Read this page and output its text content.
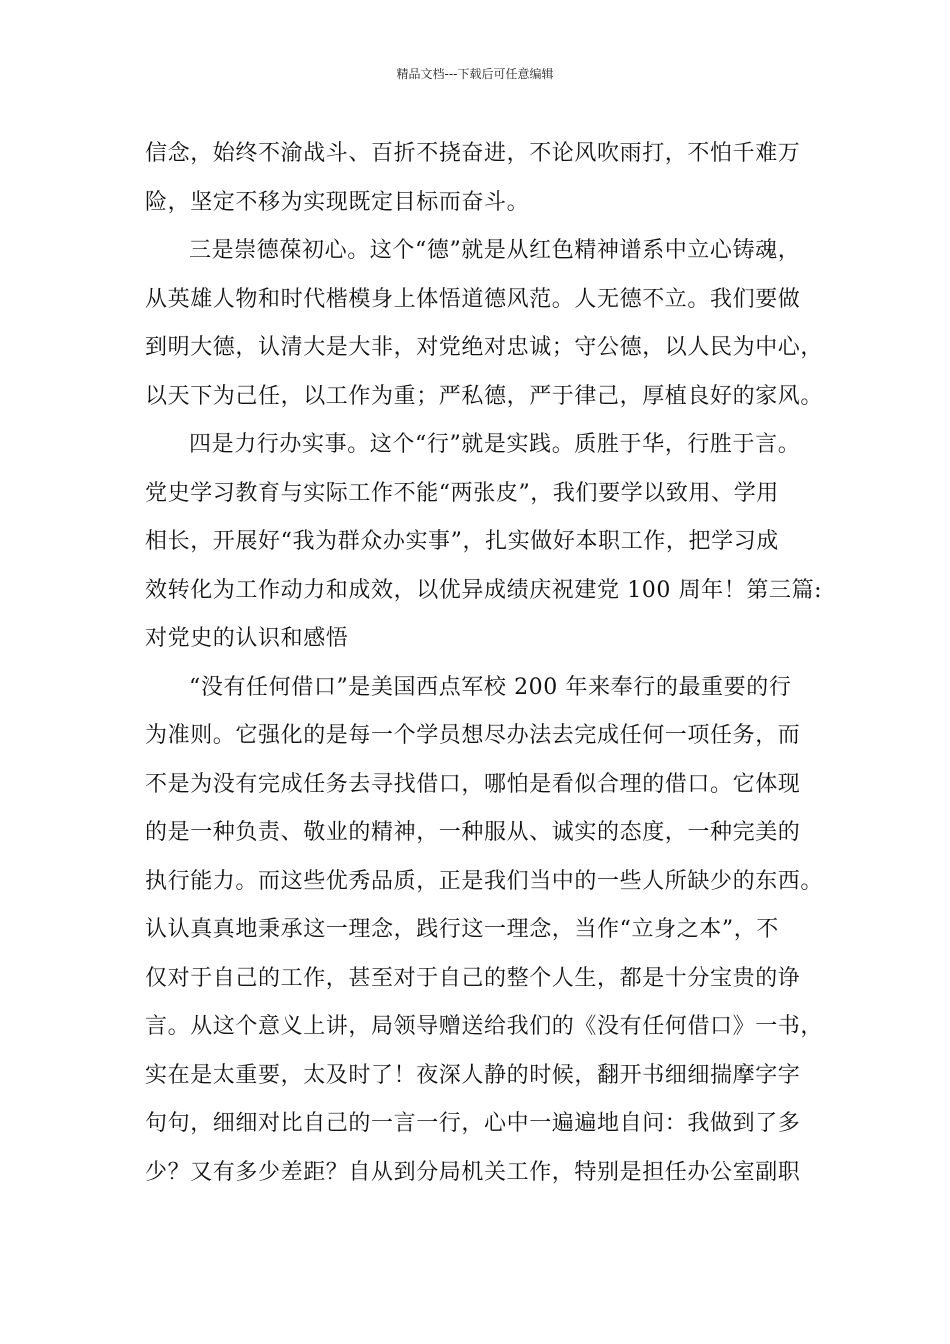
精品文档---下载后可任意编辑
信念，始终不渝战斗、百折不挠奋进，不论风吹雨打，不怕千难万
险，坚定不移为实现既定目标而奋斗。
三是崇德葆初心。这个“德”就是从红色精神谱系中立心铸魂，
从英雄人物和时代楷模身上体悟道德风范。人无德不立。我们要做
到明大德，认清大是大非，对党绝对忠诚；守公德，以人民为中心，
以天下为己任，以工作为重；严私德，严于律己，厚植良好的家风。
四是力行办实事。这个“行”就是实践。质胜于华，行胜于言。
党史学习教育与实际工作不能“两张皮”，我们要学以致用、学用
相长，开展好“我为群众办实事”，扎实做好本职工作，把学习成
效转化为工作动力和成效，以优异成绩庆祝建党 100 周年！第三篇:
对党史的认识和感悟
“没有任何借口”是美国西点军校 200 年来奉行的最重要的行
为准则。它强化的是每一个学员想尽办法去完成任何一项任务，而
不是为没有完成任务去寻找借口，哪怕是看似合理的借口。它体现
的是一种负责、敬业的精神，一种服从、诚实的态度，一种完美的
执行能力。而这些优秀品质，正是我们当中的一些人所缺少的东西。
认认真真地秉承这一理念，践行这一理念，当作“立身之本”，不
仅对于自己的工作，甚至对于自己的整个人生，都是十分宝贵的诤
言。从这个意义上讲，局领导赠送给我们的《没有任何借口》一书，
实在是太重要，太及时了！夜深人静的时候，翻开书细细揣摩字字
句句，细细对比自己的一言一行，心中一遍遍地自问：我做到了多
少？又有多少差距？自从到分局机关工作，特别是担任办公室副职
